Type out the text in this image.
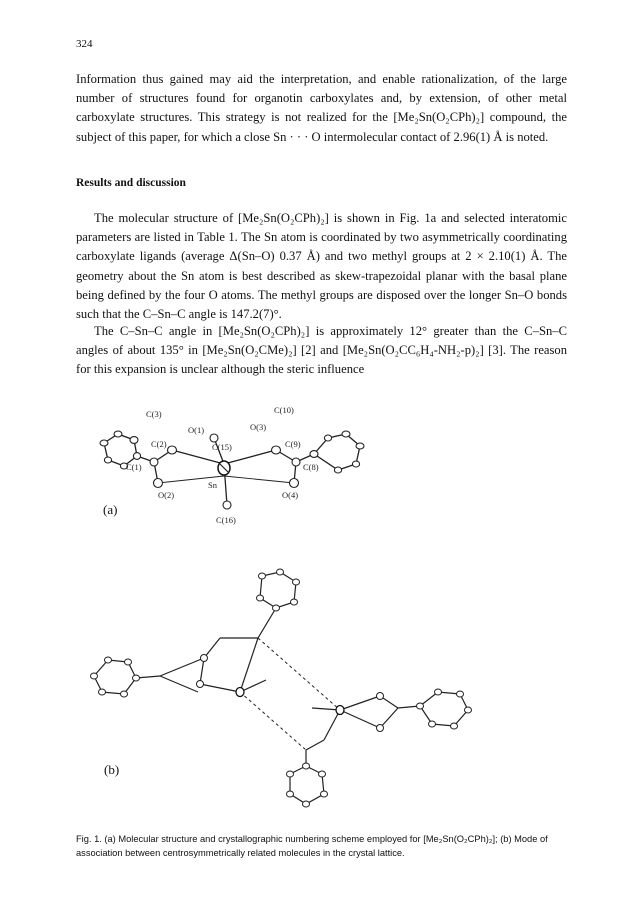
324
Information thus gained may aid the interpretation, and enable rationalization, of the large number of structures found for organotin carboxylates and, by extension, of other metal carboxylate structures. This strategy is not realized for the [Me₂Sn(O₂CPh)₂] compound, the subject of this paper, for which a close Sn · · · O intermolecular contact of 2.96(1) Å is noted.
Results and discussion
The molecular structure of [Me₂Sn(O₂CPh)₂] is shown in Fig. 1a and selected interatomic parameters are listed in Table 1. The Sn atom is coordinated by two asymmetrically coordinating carboxylate ligands (average Δ(Sn–O) 0.37 Å) and two methyl groups at 2 × 2.10(1) Å. The geometry about the Sn atom is best described as skew-trapezoidal planar with the basal plane being defined by the four O atoms. The methyl groups are disposed over the longer Sn–O bonds such that the C–Sn–C angle is 147.2(7)°.
The C–Sn–C angle in [Me₂Sn(O₂CPh)₂] is approximately 12° greater than the C–Sn–C angles of about 135° in [Me₂Sn(O₂CMe)₂] [2] and [Me₂Sn(O₂CC₆H₄-NH₂-p)₂] [3]. The reason for this expansion is unclear although the steric influence
C(3)	C(10)
O(1)	O(3)
C(2)	C(15)	C(9)
C(1)	C(8)
Sn
O(2)	O(4)
C(16)
(a)
(b)
Fig. 1. (a) Molecular structure and crystallographic numbering scheme employed for [Me₂Sn(O₂CPh)₂]; (b) Mode of association between centrosymmetrically related molecules in the crystal lattice.
